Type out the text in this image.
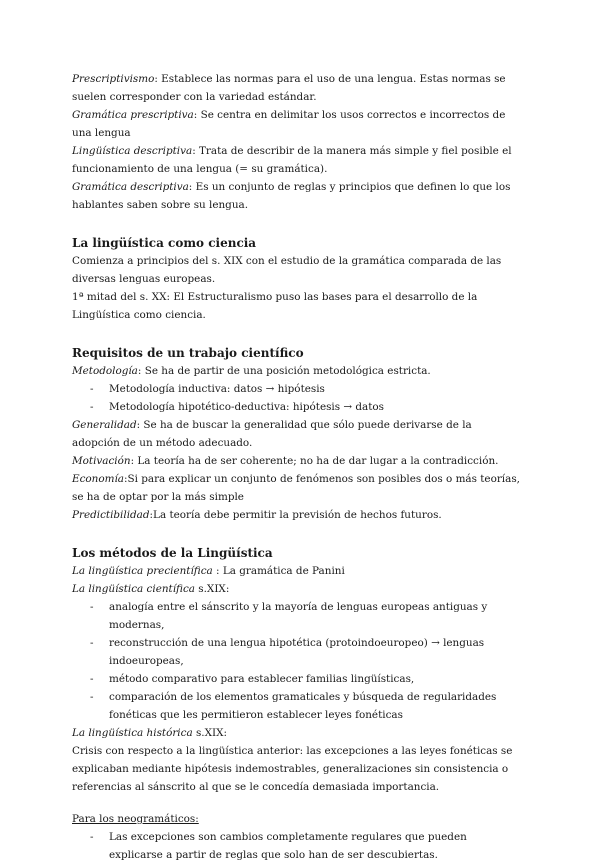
Prescriptivismo: Establece las normas para el uso de una lengua. Estas normas se suelen corresponder con la variedad estándar.

Gramática prescriptiva: Se centra en delimitar los usos correctos e incorrectos de una lengua

Lingüística descriptiva: Trata de describir de la manera más simple y fiel posible el funcionamiento de una lengua (= su gramática).

Gramática descriptiva: Es un conjunto de reglas y principios que definen lo que los hablantes saben sobre su lengua.

La lingüística como ciencia

Comienza a principios del s. XIX con el estudio de la gramática comparada de las diversas lenguas europeas.

1ª mitad del s. XX: El Estructuralismo puso las bases para el desarrollo de la Lingüística como ciencia.

Requisitos de un trabajo científico

Metodología: Se ha de partir de una posición metodológica estricta.

- Metodología inductiva: datos → hipótesis
- Metodología hipotético-deductiva: hipótesis → datos

Generalidad: Se ha de buscar la generalidad que sólo puede derivarse de la adopción de un método adecuado.

Motivación: La teoría ha de ser coherente; no ha de dar lugar a la contradicción.

Economía:Si para explicar un conjunto de fenómenos son posibles dos o más teorías, se ha de optar por la más simple

Predictibilidad:La teoría debe permitir la previsión de hechos futuros.

Los métodos de la Lingüística

La lingüística precientífica : La gramática de Panini

La lingüística científica s.XIX:

- analogía entre el sánscrito y la mayoría de lenguas europeas antiguas y modernas,
- reconstrucción de una lengua hipotética (protoindoeuropeo) → lenguas indoeuropeas,
- método comparativo para establecer familias lingüísticas,
- comparación de los elementos gramaticales y búsqueda de regularidades fonéticas que les permitieron establecer leyes fonéticas

La lingüística histórica s.XIX:

Crisis con respecto a la lingüística anterior: las excepciones a las leyes fonéticas se explicaban mediante hipótesis indemostrables, generalizaciones sin consistencia o referencias al sánscrito al que se le concedía demasiada importancia.

Para los neogramáticos:

- Las excepciones son cambios completamente regulares que pueden explicarse a partir de reglas que solo han de ser descubiertas.
